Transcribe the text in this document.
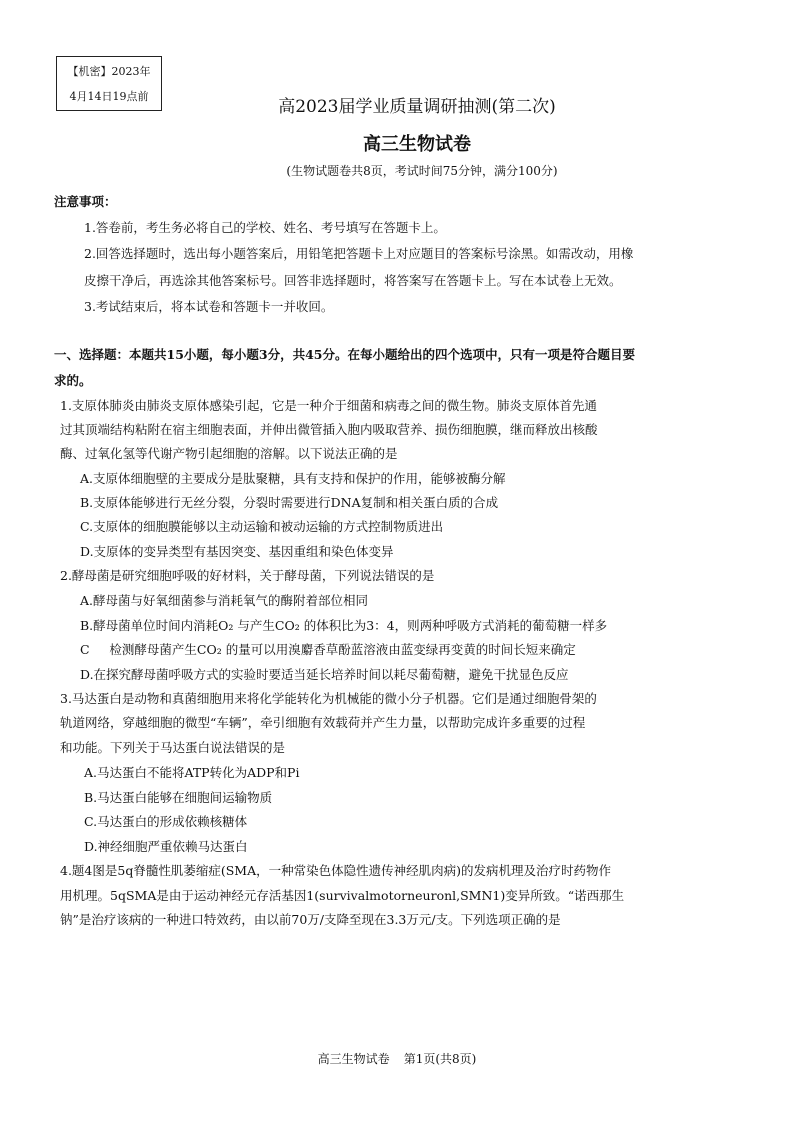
【机密】2023年
4月14日19点前
高2023届学业质量调研抽测(第二次)
高三生物试卷
(生物试题卷共8页，考试时间75分钟，满分100分)
注意事项：
1.答卷前，考生务必将自己的学校、姓名、考号填写在答题卡上。
2.回答选择题时，选出每小题答案后，用铅笔把答题卡上对应题目的答案标号涂黑。如需改动，用橡
皮擦干净后，再选涂其他答案标号。回答非选择题时，将答案写在答题卡上。写在本试卷上无效。
3.考试结束后，将本试卷和答题卡一并收回。
一、选择题：本题共15小题，每小题3分，共45分。在每小题给出的四个选项中，只有一项是符合题目要
求的。
1.支原体肺炎由肺炎支原体感染引起，它是一种介于细菌和病毒之间的微生物。肺炎支原体首先通
过其顶端结构粘附在宿主细胞表面，并伸出微管插入胞内吸取营养、损伤细胞膜，继而释放出核酸
酶、过氧化氢等代谢产物引起细胞的溶解。以下说法正确的是
A.支原体细胞壁的主要成分是肽聚糖，具有支持和保护的作用，能够被酶分解
B.支原体能够进行无丝分裂，分裂时需要进行DNA复制和相关蛋白质的合成
C.支原体的细胞膜能够以主动运输和被动运输的方式控制物质进出
D.支原体的变异类型有基因突变、基因重组和染色体变异
2.酵母菌是研究细胞呼吸的好材料，关于酵母菌，下列说法错误的是
A.酵母菌与好氧细菌参与消耗氧气的酶附着部位相同
B.酵母菌单位时间内消耗O₂ 与产生CO₂ 的体积比为3：4，则两种呼吸方式消耗的葡萄糖一样多
C     检测酵母菌产生CO₂ 的量可以用溴麝香草酚蓝溶液由蓝变绿再变黄的时间长短来确定
D.在探究酵母菌呼吸方式的实验时要适当延长培养时间以耗尽葡萄糖，避免干扰显色反应
3.马达蛋白是动物和真菌细胞用来将化学能转化为机械能的微小分子机器。它们是通过细胞骨架的
轨道网络，穿越细胞的微型“车辆”，牵引细胞有效载荷并产生力量，以帮助完成许多重要的过程
和功能。下列关于马达蛋白说法错误的是
A.马达蛋白不能将ATP转化为ADP和Pi
B.马达蛋白能够在细胞间运输物质
C.马达蛋白的形成依赖核糖体
D.神经细胞严重依赖马达蛋白
4.题4图是5q脊髓性肌萎缩症(SMA，一种常染色体隐性遗传神经肌肉病)的发病机理及治疗时药物作
用机理。5qSMA是由于运动神经元存活基因1(survivalmotorneuronl,SMN1)变异所致。“诺西那生
钠”是治疗该病的一种进口特效药，由以前70万/支降至现在3.3万元/支。下列选项正确的是
高三生物试卷 第1页(共8页)
